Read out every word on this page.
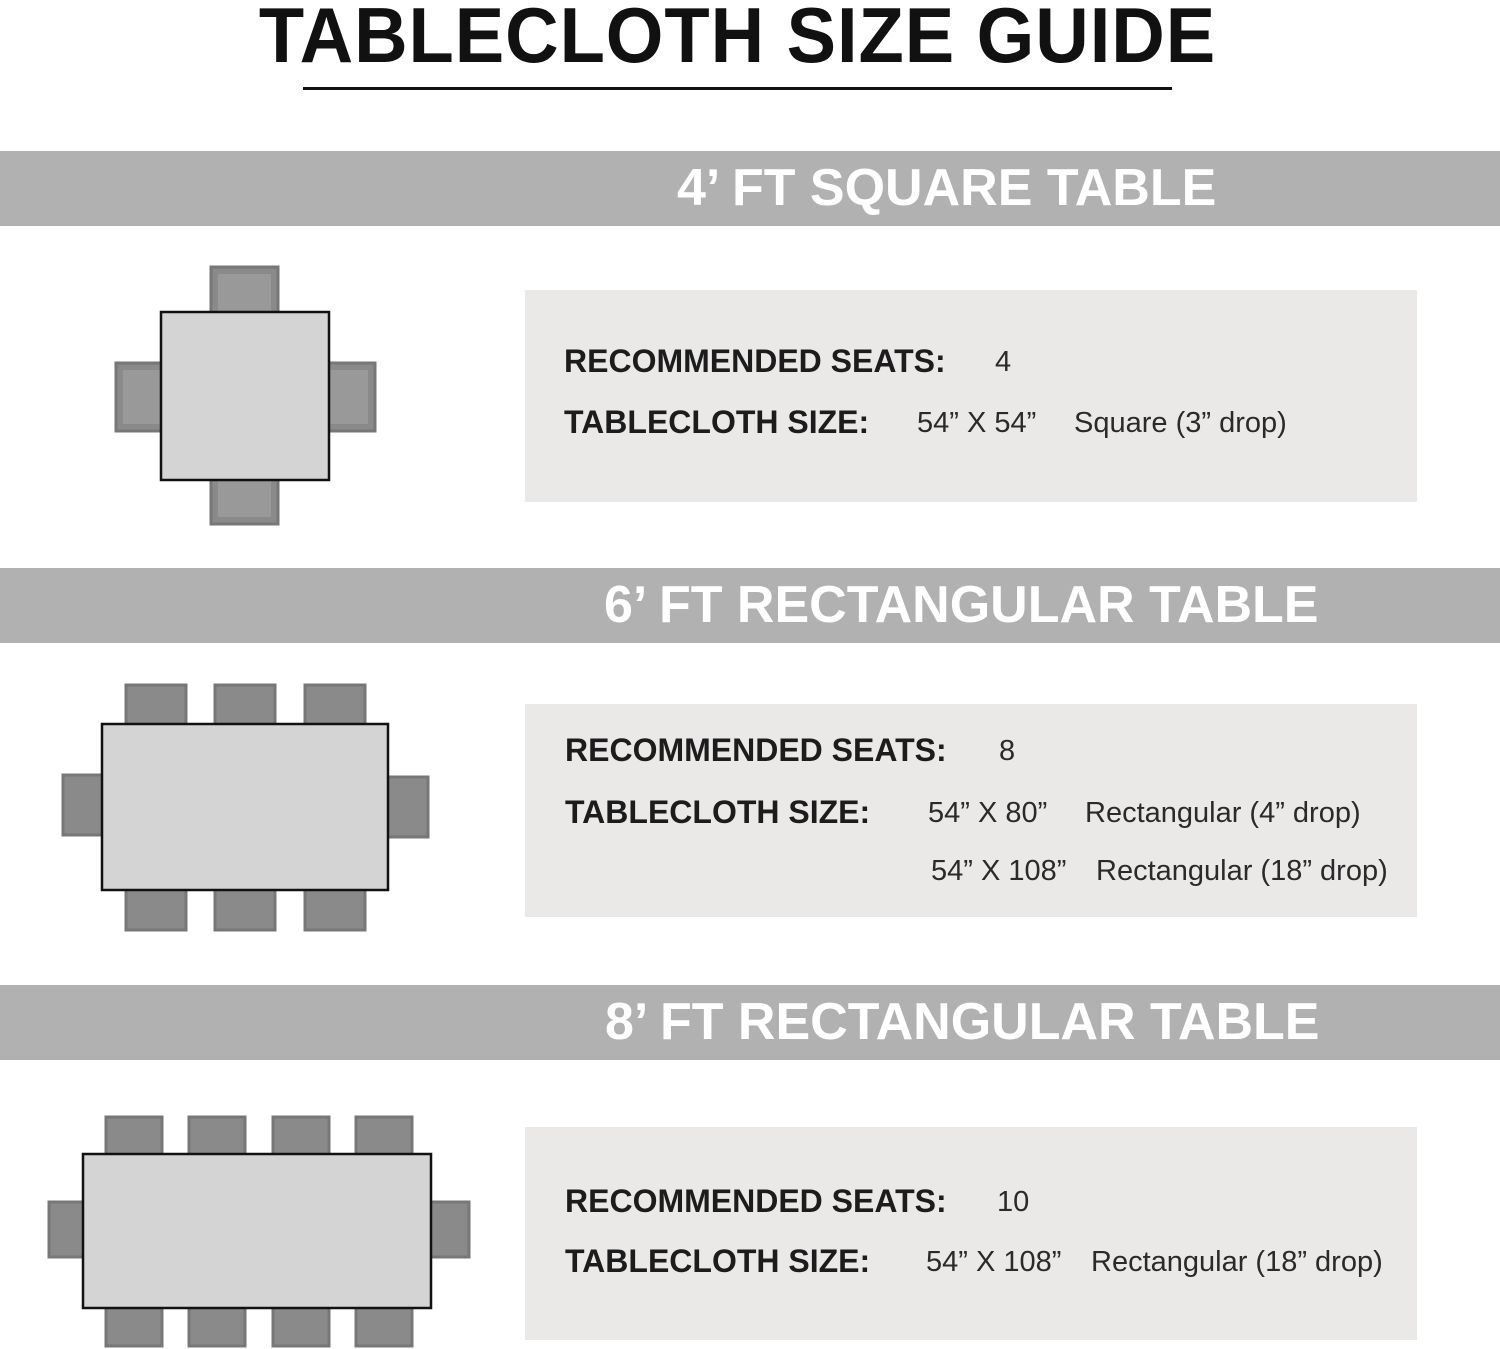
TABLECLOTH SIZE GUIDE
4’ FT SQUARE TABLE
RECOMMENDED SEATS: 4
TABLECLOTH SIZE: 54” X 54” Square (3” drop)
6’ FT RECTANGULAR TABLE
RECOMMENDED SEATS: 8
TABLECLOTH SIZE: 54” X 80” Rectangular (4” drop)
54” X 108” Rectangular (18” drop)
8’ FT RECTANGULAR TABLE
RECOMMENDED SEATS: 10
TABLECLOTH SIZE: 54” X 108” Rectangular (18” drop)
